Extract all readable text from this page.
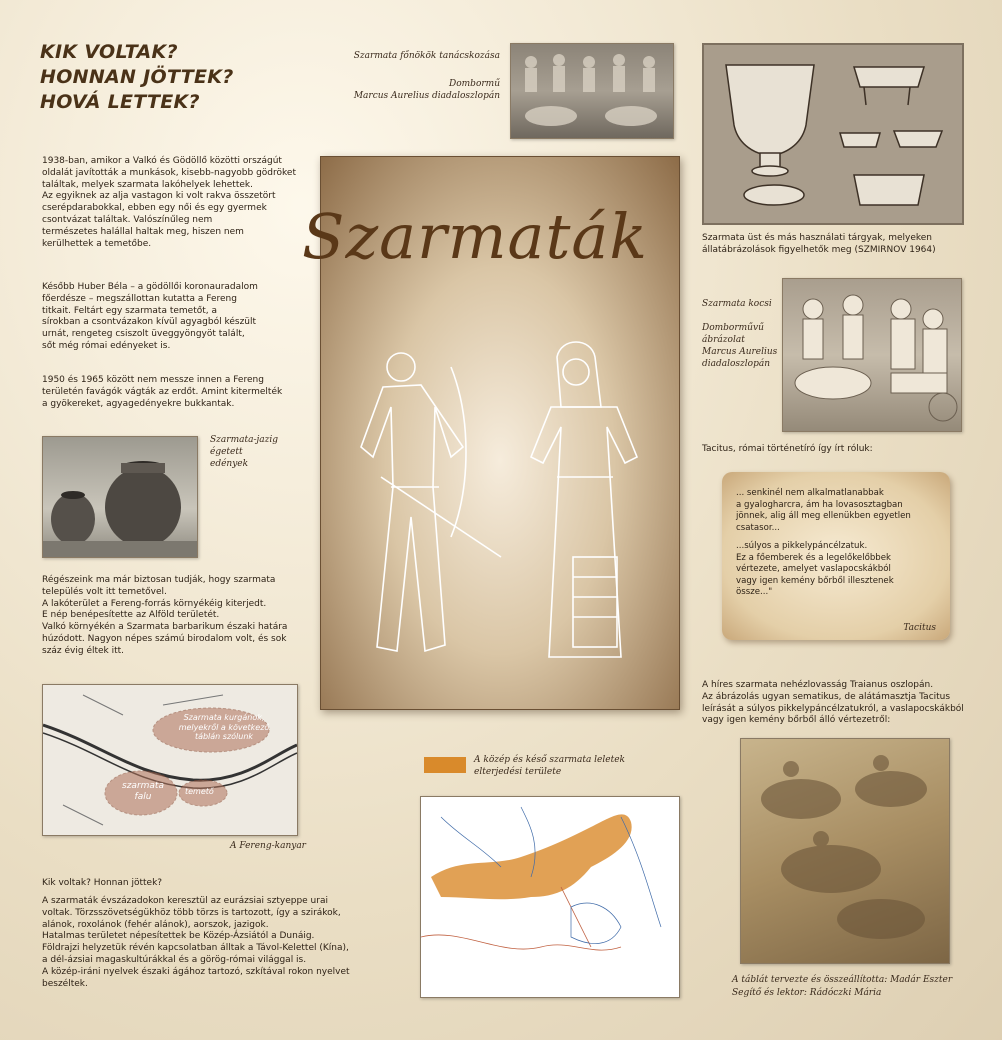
KIK VOLTAK?
HONNAN JÖTTEK?
HOVÁ LETTEK?

1938-ban, amikor a Valkó és Gödöllő közötti országút
oldalát javították a munkások, kisebb-nagyobb gödröket
találtak, melyek szarmata lakóhelyek lehettek.
Az egyiknek az alja vastagon ki volt rakva összetört
cserépdarabokkal, ebben egy női és egy gyermek
csontvázat találtak. Valószínűleg nem
természetes halállal haltak meg, hiszen nem
kerülhettek a temetőbe.

Később Huber Béla – a gödöllői koronauradalom
főerdésze – megszállottan kutatta a Fereng
titkait. Feltárt egy szarmata temetőt, a
sírokban a csontvázakon kívül agyagból készült
urnát, rengeteg csiszolt üveggyöngyöt talált,
sőt még római edényeket is.

1950 és 1965 között nem messze innen a Fereng
területén favágók vágták az erdőt. Amint kitermelték
a gyökereket, agyagedényekre bukkantak.

Szarmata-jazig
égetett
edények

Régészeink ma már biztosan tudják, hogy szarmata
település volt itt temetővel.
A lakóterület a Fereng-forrás környékéig kiterjedt.
E nép benépesítette az Alföld területét.
Valkó környékén a Szarmata barbarikum északi határa
húzódott. Nagyon népes számú birodalom volt, és sok
száz évig éltek itt.

Szarmata kurgánok,
melyekről a következő
táblán szólunk
szarmata
falu
temető
A Fereng-kanyar
Kik voltak? Honnan jöttek?

A szarmaták évszázadokon keresztül az eurázsiai sztyeppe urai
voltak. Törzsszövetségükhöz több törzs is tartozott, így a szirákok,
alánok, roxolánok (fehér alánok), aorszok, jazigok.
Hatalmas területet népesítettek be Közép-Ázsiától a Dunáig.
Földrajzi helyzetük révén kapcsolatban álltak a Távol-Kelettel (Kína),
a dél-ázsiai magaskultúrákkal és a görög-római világgal is.
A közép-iráni nyelvek északi ágához tartozó, szkítával rokon nyelvet
beszéltek.

Szarmata főnökök tanácskozása
Dombormű
Marcus Aurelius diadaloszlopán
Szarmaták	Szarmata üst és más használati tárgyak, melyeken
állatábrázolások figyelhetők meg (SZMIRNOV 1964)
Szarmata kocsi
Domborművű
ábrázolat
Marcus Aurelius
diadaloszlopán
Tacitus, római történetíró így írt róluk:

... senkinél nem alkalmatlanabbak
a gyalogharcra, ám ha lovasosztagban
jönnek, alig áll meg ellenükben egyetlen
csatasor...

...súlyos a pikkelypáncélzatuk.
Ez a főemberek és a legelőkelőbbek
vértezete, amelyet vaslapocskákból
vagy igen kemény bőrből illesztenek
össze..."

Tacitus
A közép és késő szarmata leletek
elterjedési területe
A híres szarmata nehézlovasság Traianus oszlopán.
Az ábrázolás ugyan sematikus, de alátámasztja Tacitus
leírását a súlyos pikkelypáncélzatukról, a vaslapocskákból
vagy igen kemény bőrből álló vértezetről:
A táblát tervezte és összeállította: Madár Eszter
Segítő és lektor: Rádóczki Mária
